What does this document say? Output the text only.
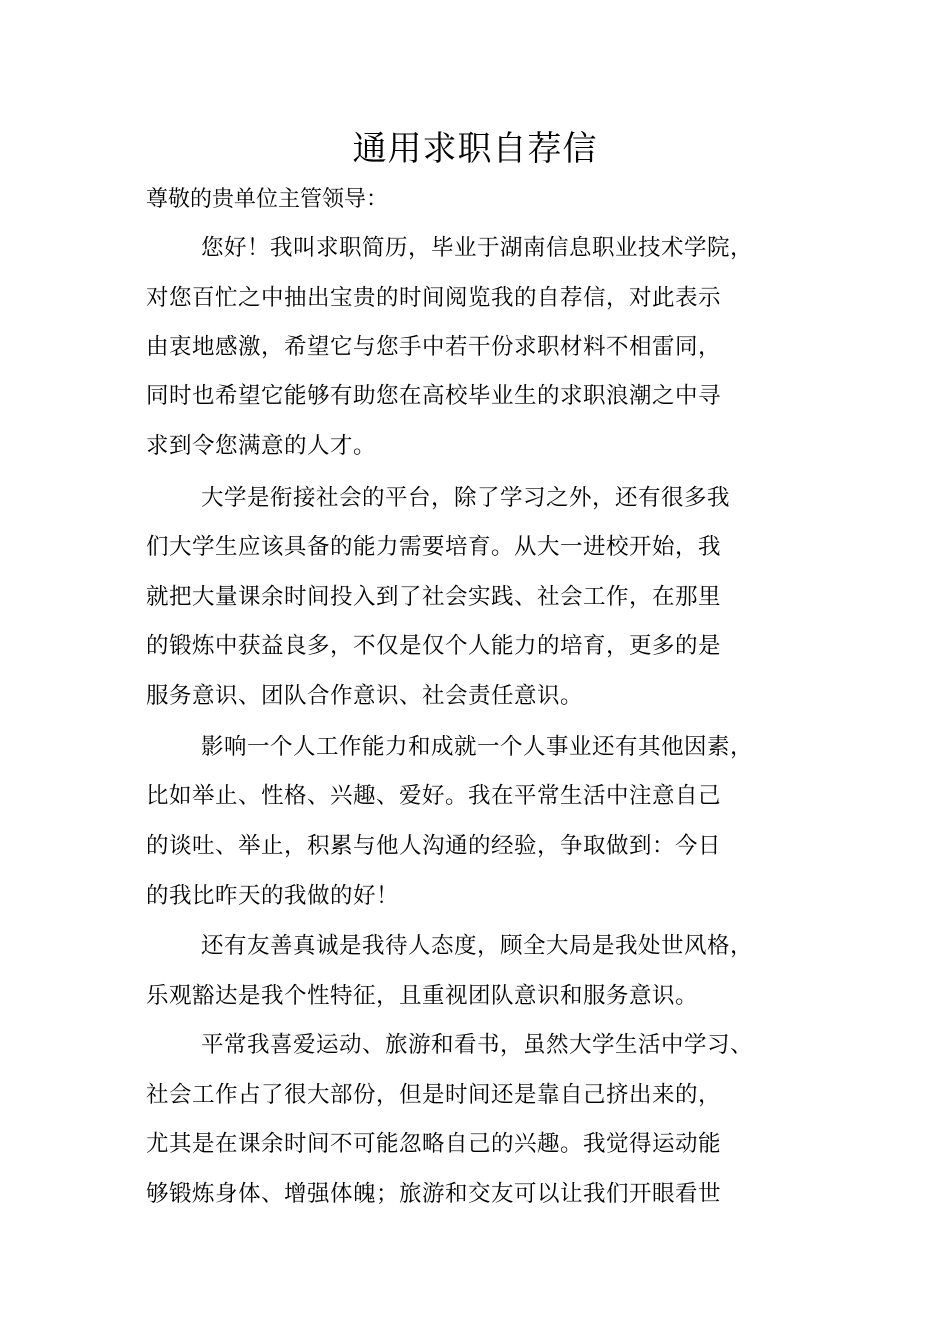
通用求职自荐信

尊敬的贵单位主管领导：

您好！我叫求职简历，毕业于湖南信息职业技术学院，

对您百忙之中抽出宝贵的时间阅览我的自荐信，对此表示

由衷地感激，希望它与您手中若干份求职材料不相雷同，

同时也希望它能够有助您在高校毕业生的求职浪潮之中寻

求到令您满意的人才。

大学是衔接社会的平台，除了学习之外，还有很多我

们大学生应该具备的能力需要培育。从大一进校开始，我

就把大量课余时间投入到了社会实践、社会工作，在那里

的锻炼中获益良多，不仅是仅个人能力的培育，更多的是

服务意识、团队合作意识、社会责任意识。

影响一个人工作能力和成就一个人事业还有其他因素，

比如举止、性格、兴趣、爱好。我在平常生活中注意自己

的谈吐、举止，积累与他人沟通的经验，争取做到：今日

的我比昨天的我做的好！

还有友善真诚是我待人态度，顾全大局是我处世风格，

乐观豁达是我个性特征，且重视团队意识和服务意识。

平常我喜爱运动、旅游和看书，虽然大学生活中学习、

社会工作占了很大部份，但是时间还是靠自己挤出来的，

尤其是在课余时间不可能忽略自己的兴趣。我觉得运动能

够锻炼身体、增强体魄；旅游和交友可以让我们开眼看世
